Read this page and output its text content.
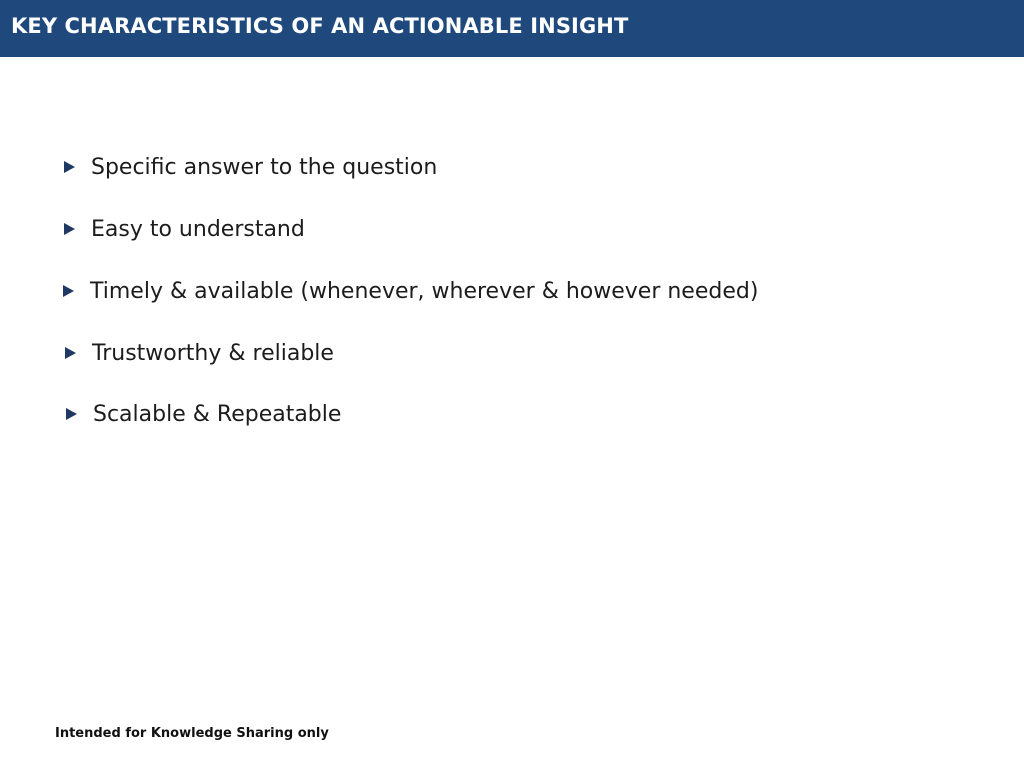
KEY CHARACTERISTICS OF AN ACTIONABLE INSIGHT
Specific answer to the question
Easy to understand
Timely & available (whenever, wherever & however needed)
Trustworthy & reliable
Scalable & Repeatable
Intended for Knowledge Sharing only
